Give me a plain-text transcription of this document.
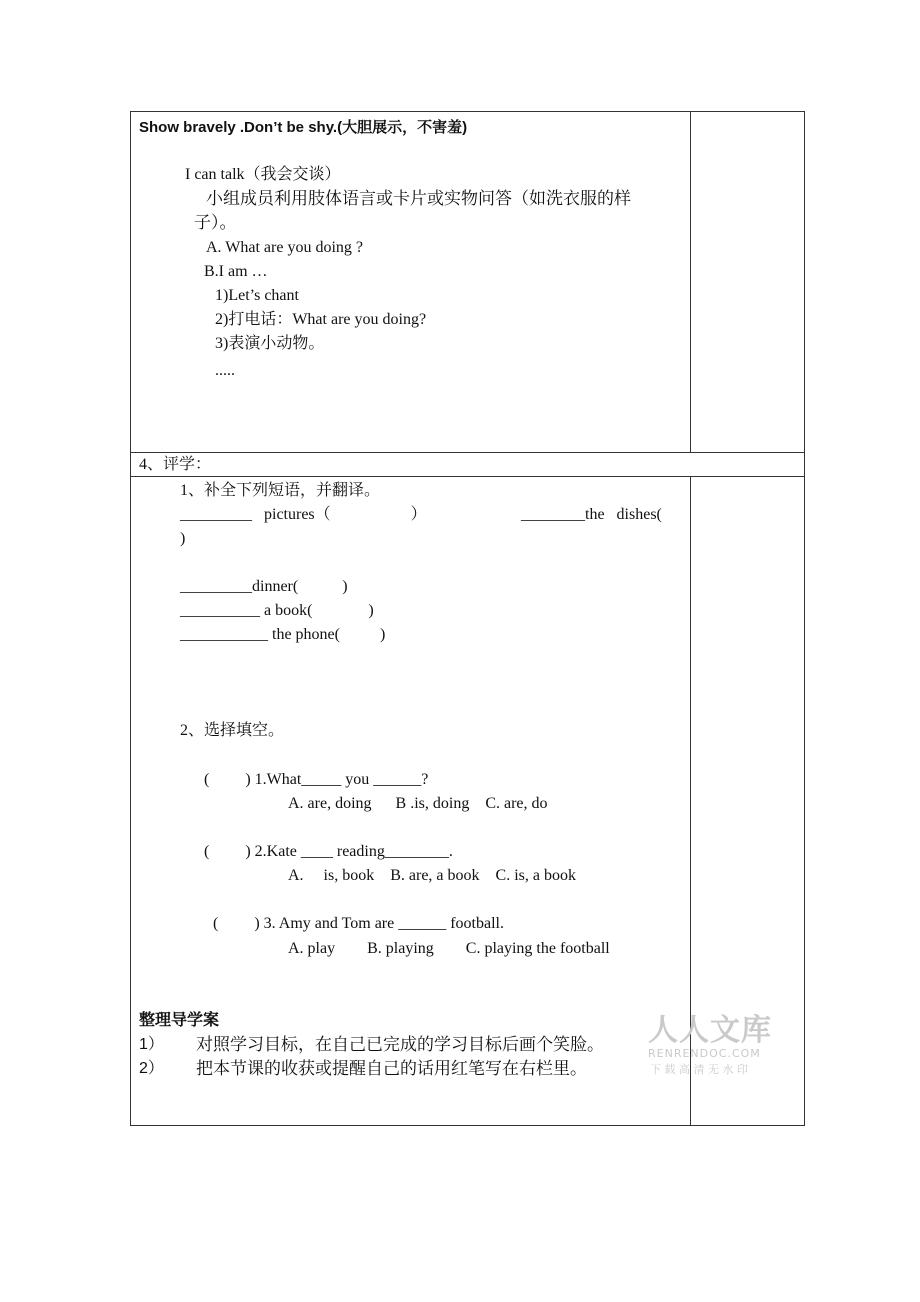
Show bravely .Don’t be shy.(大胆展示，不害羞)
I can talk（我会交谈）
小组成员利用肢体语言或卡片或实物问答（如洗衣服的样
子）。
A. What are you doing ?
B.I am …
1)Let’s chant
2)打电话：What are you doing?
3)表演小动物。
.....
4、评学：
1、补全下列短语，并翻译。
_________   pictures（                    ）	________the   dishes(
)
_________dinner(           )
__________ a book(              )
___________ the phone(          )
2、选择填空。
(         ) 1.What_____ you ______?
A. are, doing      B .is, doing    C. are, do
(         ) 2.Kate ____ reading________.
A.     is, book    B. are, a book    C. is, a book
(         ) 3. Amy and Tom are ______ football.
A. play        B. playing        C. playing the football
整理导学案
1） 对照学习目标，在自己已完成的学习目标后画个笑脸。
2） 把本节课的收获或提醒自己的话用红笔写在右栏里。
人人文库
RENRENDOC.COM
下 载 高 清 无 水 印
